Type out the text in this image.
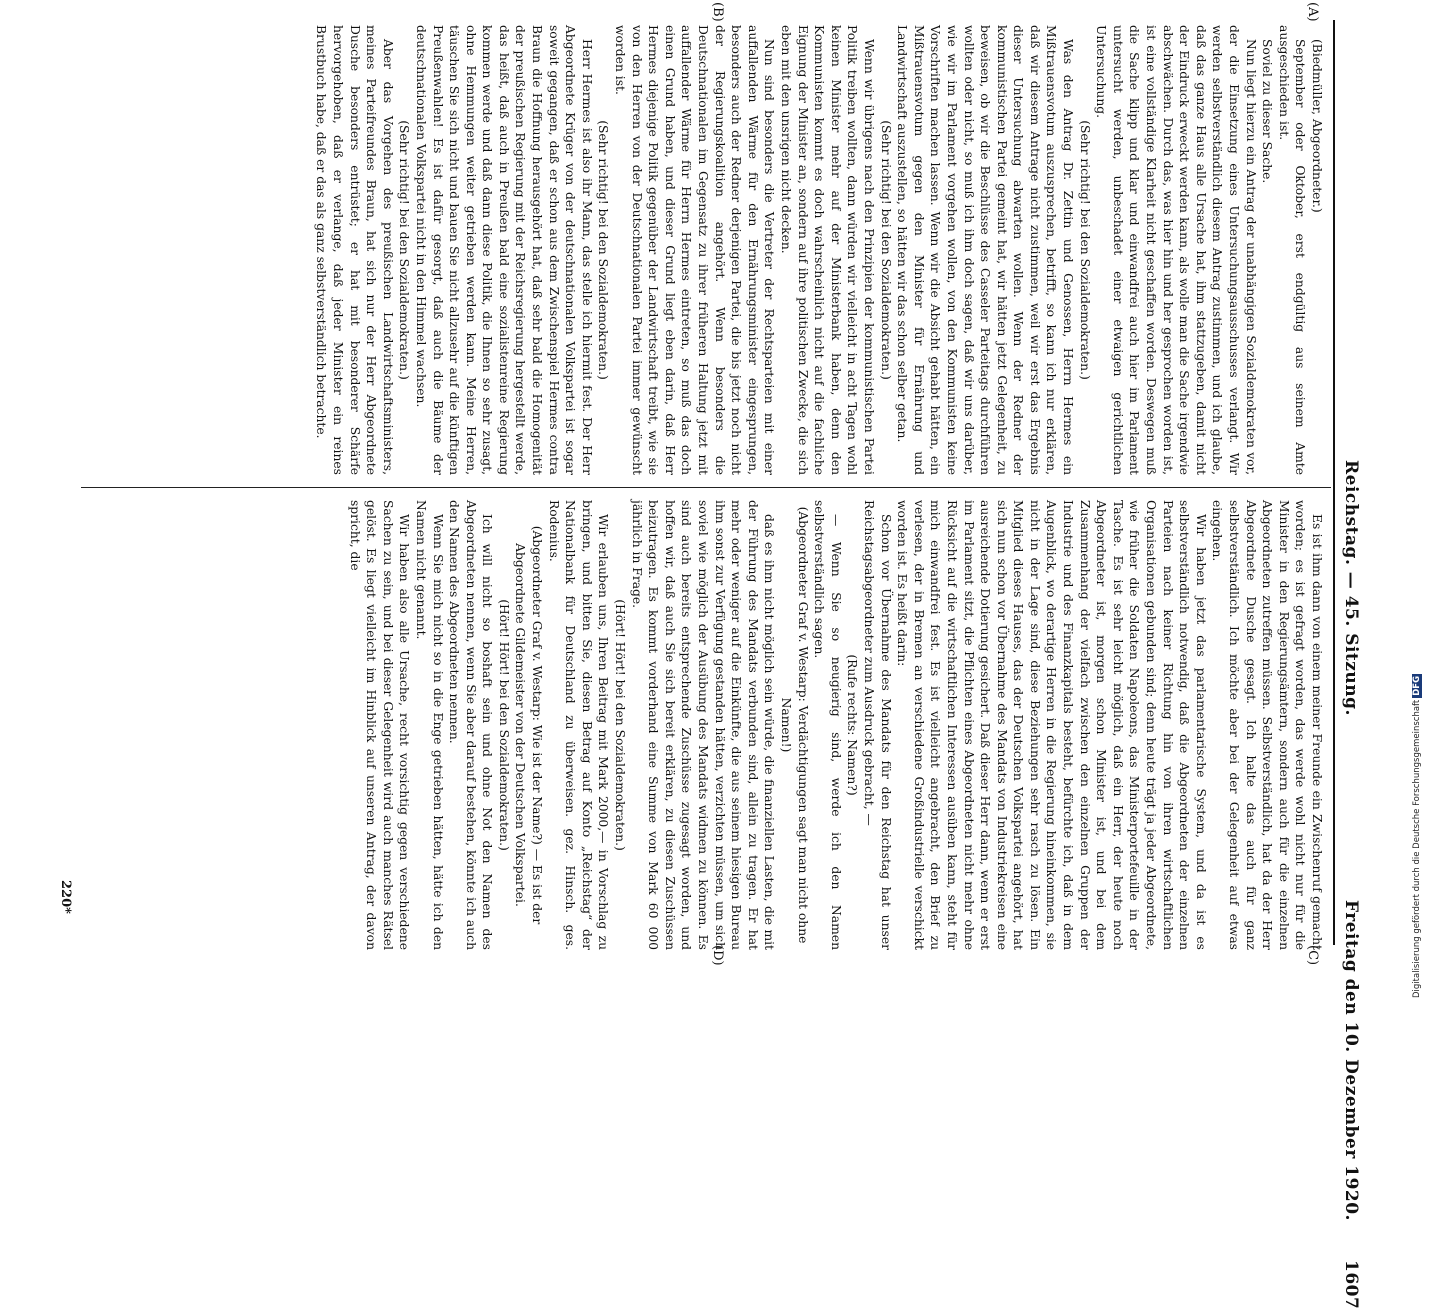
Reichstag. — 45. Sitzung.
Freitag den 10. Dezember 1920.
1607
(A)
(B)
(C)
(D)

(Biedmüller, Abgeordneter.)

September oder Oktober, erst endgültig aus seinem Amte ausgeschieden ist.

Soviel zu dieser Sache.

Nun liegt hierzu ein Antrag der unabhängigen Sozialdemokraten vor, der die Einsetzung eines Untersuchungsausschusses verlangt. Wir werden selbstverständlich diesem Antrag zustimmen, und ich glaube, daß das ganze Haus alle Ursache hat, ihm stattzugeben, damit nicht der Eindruck erweckt werden kann, als wolle man die Sache irgendwie abschwächen. Durch das, was hier hin und her gesprochen worden ist, ist eine vollständige Klarheit nicht geschaffen worden. Deswegen muß die Sache klipp und klar und einwandfrei auch hier im Parlament untersucht werden, unbeschadet einer etwaigen gerichtlichen Untersuchung.

(Sehr richtig! bei den Sozialdemokraten.)

Was den Antrag Dr. Zettin und Genossen, Herrn Hermes ein Mißtrauensvotum auszusprechen, betrifft, so kann ich nur erklären, daß wir diesem Antrage nicht zustimmen, weil wir erst das Ergebnis dieser Untersuchung abwarten wollen. Wenn der Redner der kommunistischen Partei gemeint hat, wir hätten jetzt Gelegenheit, zu beweisen, ob wir die Beschlüsse des Casseler Parteitags durchführen wollten oder nicht, so muß ich ihm doch sagen, daß wir uns darüber, wie wir im Parlament vorgehen wollen, von den Kommunisten keine Vorschriften machen lassen. Wenn wir die Absicht gehabt hätten, ein Mißtrauensvotum gegen den Minister für Ernährung und Landwirtschaft auszustellen, so hätten wir das schon selber getan.

(Sehr richtig! bei den Sozialdemokraten.)

Wenn wir übrigens nach den Prinzipien der kommunistischen Partei Politik treiben wollten, dann würden wir vielleicht in acht Tagen wohl keinen Minister mehr auf der Ministerbank haben, denn den Kommunisten kommt es doch wahrscheinlich nicht auf die fachliche Eignung der Minister an, sondern auf ihre politischen Zwecke, die sich eben mit den unsrigen nicht decken.

Nun sind besonders die Vertreter der Rechtsparteien mit einer auffallenden Wärme für den Ernährungsminister eingesprungen, besonders auch der Redner derjenigen Partei, die bis jetzt noch nicht der Regierungskoalition angehört. Wenn besonders die Deutschnationalen im Gegensatz zu ihrer früheren Haltung jetzt mit auffallender Wärme für Herrn Hermes eintreten, so muß das doch einen Grund haben, und dieser Grund liegt eben darin, daß Herr Hermes diejenige Politik gegenüber der Landwirtschaft treibt, wie sie von den Herren von der Deutschnationalen Partei immer gewünscht worden ist.

(Sehr richtig! bei den Sozialdemokraten.)

Herr Hermes ist also ihr Mann, das stelle ich hiermit fest. Der Herr Abgeordnete Krüger von der deutschnationalen Volkspartei ist sogar soweit gegangen, daß er schon aus dem Zwischenspiel Hermes contra Braun die Hoffnung herausgehört hat, daß sehr bald die Homogenität der preußischen Regierung mit der Reichsregierung hergestellt werde, das heißt, daß auch in Preußen bald eine sozialistenreine Regierung kommen werde und daß dann diese Politik, die Ihnen so sehr zusagt, ohne Hemmungen weiter getrieben werden kann. Meine Herren, täuschen Sie sich nicht und bauen Sie nicht allzusehr auf die künftigen Preußenwahlen! Es ist dafür gesorgt, daß auch die Bäume der deutschnationalen Volkspartei nicht in den Himmel wachsen.

(Sehr richtig! bei den Sozialdemokraten.)

Aber das Vorgehen des preußischen Landwirtschaftsministers, meines Parteifreundes Braun, hat sich nur der Herr Abgeordnete Dusche besonders entrüstet; er hat mit besonderer Schärfe hervorgehoben, daß er verlange, daß jeder Minister ein reines Brustbuch habe, daß er das als ganz selbstverständlich betrachte.

Es ist ihm dann von einem meiner Freunde ein Zwischenruf gemacht worden; es ist gefragt worden, das werde wohl nicht nur für die Minister in den Regierungsämtern, sondern auch für die einzelnen Abgeordneten zutreffen müssen. Selbstverständlich, hat da der Herr Abgeordnete Dusche gesagt. Ich halte das auch für ganz selbstverständlich. Ich möchte aber bei der Gelegenheit auf etwas eingehen.

Wir haben jetzt das parlamentarische System, und da ist es selbstverständlich notwendig, daß die Abgeordneten der einzelnen Parteien nach keiner Richtung hin von ihren wirtschaftlichen Organisationen gebunden sind; denn heute trägt ja jeder Abgeordnete, wie früher die Soldaten Napoleons, das Ministerportefeuille in der Tasche. Es ist sehr leicht möglich, daß ein Herr, der heute noch Abgeordneter ist, morgen schon Minister ist, und bei dem Zusammenhang der vielfach zwischen den einzelnen Gruppen der Industrie und des Finanzkapitals besteht, befürchte ich, daß in dem Augenblick, wo derartige Herren in die Regierung hineinkommen, sie nicht in der Lage sind, diese Beziehungen sehr rasch zu lösen. Ein Mitglied dieses Hauses, das der Deutschen Volkspartei angehört, hat sich nun schon vor Übernahme des Mandats von Industriekreisen eine ausreichende Dotierung gesichert. Daß dieser Herr dann, wenn er erst im Parlament sitzt, die Pflichten eines Abgeordneten nicht mehr ohne Rücksicht auf die wirtschaftlichen Interessen ausüben kann, steht für mich einwandfrei fest. Es ist vielleicht angebracht, den Brief zu verlesen, der in Bremen an verschiedene Großindustrielle verschickt worden ist. Es heißt darin:

Schon vor Übernahme des Mandats für den Reichstag hat unser Reichstagsabgeordneter zum Ausdruck gebracht, —

(Rufe rechts: Namen?)

— Wenn Sie so neugierig sind, werde ich den Namen selbstverständlich sagen.

(Abgeordneter Graf v. Westarp: Verdächtigungen sagt man nicht ohne Namen!)

daß es ihm nicht möglich sein würde, die finanziellen Lasten, die mit der Führung des Mandats verbunden sind, allein zu tragen. Er hat mehr oder weniger auf die Einkünfte, die aus seinem hiesigen Bureau ihm sonst zur Verfügung gestanden hätten, verzichten müssen, um sich soviel wie möglich der Ausübung des Mandats widmen zu können. Es sind auch bereits entsprechende Zuschüsse zugesagt worden, und hoffen wir, daß auch Sie sich bereit erklären, zu diesen Zuschüssen beizutragen. Es kommt vorderhand eine Summe von Mark 60 000 jährlich in Frage.

(Hört! Hört! bei den Sozialdemokraten.)

Wir erlauben uns, Ihren Beitrag mit Mark 2000,— in Vorschlag zu bringen, und bitten Sie, diesen Betrag auf Konto „Reichstag“ der Nationalbank für Deutschland zu überweisen. gez. Hinsch. ges. Rodenius.

(Abgeordneter Graf v. Westarp: Wie ist der Name?) — Es ist der Abgeordnete Gildemeister von der Deutschen Volkspartei.

(Hört! Hört! bei den Sozialdemokraten.)

Ich will nicht so boshaft sein und ohne Not den Namen des Abgeordneten nennen, wenn Sie aber darauf bestehen, könnte ich auch den Namen des Abgeordneten nennen.

Wenn Sie mich nicht so in die Enge getrieben hätten, hätte ich den Namen nicht genannt.

Wir haben also alle Ursache, recht vorsichtig gegen verschiedene Sachen zu sein, und bei dieser Gelegenheit wird auch manches Rätsel gelöst. Es liegt vielleicht im Hinblick auf unseren Antrag, der davon spricht, die

220*	Digitalisierung gefördert durch die Deutsche ForschungsgemeinschaftDFG
